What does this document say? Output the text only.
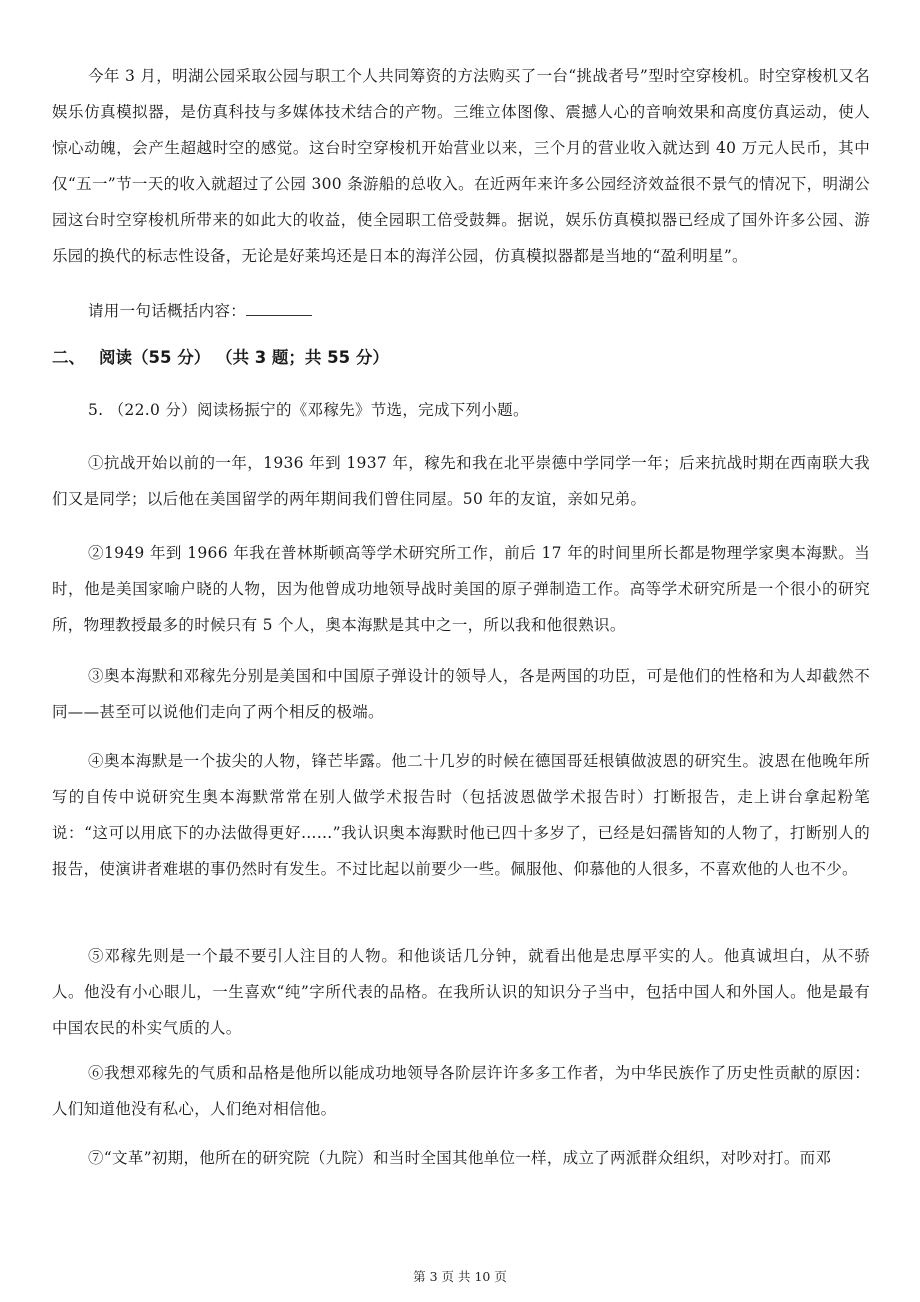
今年 3 月，明湖公园采取公园与职工个人共同筹资的方法购买了一台“挑战者号”型时空穿梭机。时空穿梭机又名娱乐仿真模拟器，是仿真科技与多媒体技术结合的产物。三维立体图像、震撼人心的音响效果和高度仿真运动，使人惊心动魄，会产生超越时空的感觉。这台时空穿梭机开始营业以来，三个月的营业收入就达到 40 万元人民币，其中仅“五一”节一天的收入就超过了公园 300 条游船的总收入。在近两年来许多公园经济效益很不景气的情况下，明湖公园这台时空穿梭机所带来的如此大的收益，使全园职工倍受鼓舞。据说，娱乐仿真模拟器已经成了国外许多公园、游乐园的换代的标志性设备，无论是好莱坞还是日本的海洋公园，仿真模拟器都是当地的“盈利明星”。

请用一句话概括内容：

二、 阅读（55 分） （共 3 题；共 55 分）

5. （22.0 分）阅读杨振宁的《邓稼先》节选，完成下列小题。

①抗战开始以前的一年，1936 年到 1937 年，稼先和我在北平崇德中学同学一年；后来抗战时期在西南联大我们又是同学；以后他在美国留学的两年期间我们曾住同屋。50 年的友谊，亲如兄弟。

②1949 年到 1966 年我在普林斯顿高等学术研究所工作，前后 17 年的时间里所长都是物理学家奥本海默。当时，他是美国家喻户晓的人物，因为他曾成功地领导战时美国的原子弹制造工作。高等学术研究所是一个很小的研究所，物理教授最多的时候只有 5 个人，奥本海默是其中之一，所以我和他很熟识。

③奥本海默和邓稼先分别是美国和中国原子弹设计的领导人，各是两国的功臣，可是他们的性格和为人却截然不同——甚至可以说他们走向了两个相反的极端。

④奥本海默是一个拔尖的人物，锋芒毕露。他二十几岁的时候在德国哥廷根镇做波恩的研究生。波恩在他晚年所写的自传中说研究生奥本海默常常在别人做学术报告时（包括波恩做学术报告时）打断报告，走上讲台拿起粉笔说：“这可以用底下的办法做得更好……”我认识奥本海默时他已四十多岁了，已经是妇孺皆知的人物了，打断别人的报告，使演讲者难堪的事仍然时有发生。不过比起以前要少一些。佩服他、仰慕他的人很多，不喜欢他的人也不少。

⑤邓稼先则是一个最不要引人注目的人物。和他谈话几分钟，就看出他是忠厚平实的人。他真诚坦白，从不骄人。他没有小心眼儿，一生喜欢“纯”字所代表的品格。在我所认识的知识分子当中，包括中国人和外国人。他是最有中国农民的朴实气质的人。

⑥我想邓稼先的气质和品格是他所以能成功地领导各阶层许许多多工作者，为中华民族作了历史性贡献的原因：人们知道他没有私心，人们绝对相信他。

⑦“文革”初期，他所在的研究院（九院）和当时全国其他单位一样，成立了两派群众组织，对吵对打。而邓

第 3 页 共 10 页
